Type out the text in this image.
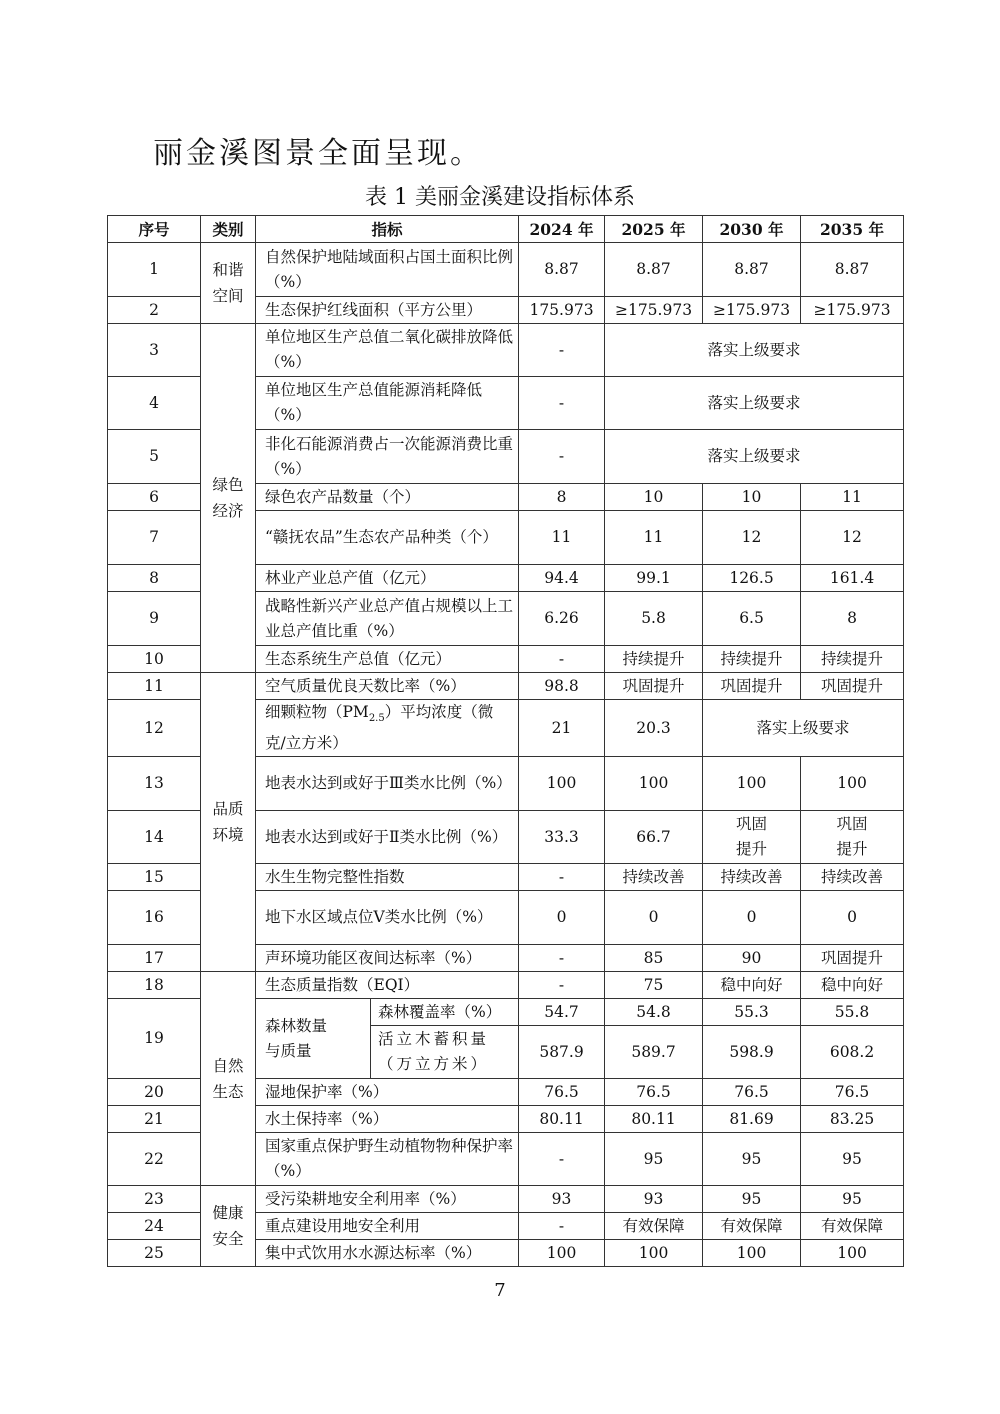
丽金溪图景全面呈现。

表 1 美丽金溪建设指标体系

序号	类别	指标		2024 年	2025 年	2030 年	2035 年
1	和谐空间	自然保护地陆域面积占国土面积比例（%）		8.87	8.87	8.87	8.87
2		生态保护红线面积（平方公里）		175.973	≥175.973	≥175.973	≥175.973
3	绿色经济	单位地区生产总值二氧化碳排放降低（%）		-	落实上级要求		
4		单位地区生产总值能源消耗降低（%）		-	落实上级要求		
5		非化石能源消费占一次能源消费比重（%）		-	落实上级要求		
6		绿色农产品数量（个）		8	10	10	11
7		“赣抚农品”生态农产品种类（个）		11	11	12	12
8		林业产业总产值（亿元）		94.4	99.1	126.5	161.4
9		战略性新兴产业总产值占规模以上工业总产值比重（%）		6.26	5.8	6.5	8
10		生态系统生产总值（亿元）		-	持续提升	持续提升	持续提升
11	品质环境	空气质量优良天数比率（%）		98.8	巩固提升	巩固提升	巩固提升
12		细颗粒物$(PM_{2.5})$平均浓度（微克/立方米）		21	20.3	落实上级要求	
13		地表水达到或好于Ⅲ类水比例（%）		100	100	100	100
14		地表水达到或好于Ⅱ类水比例（%）		33.3	66.7	巩固提升	巩固提升
15		水生生物完整性指数		-	持续改善	持续改善	持续改善
16		地下水区域点位Ⅴ类水比例（%）		0	0	0	0
17		声环境功能区夜间达标率（%）		-	85	90	巩固提升
18	自然生态	生态质量指数（EQI）		-	75	稳中向好	稳中向好
19		森林数量与质量	森林覆盖率（%）	54.7	54.8	55.3	55.8
			活立木蓄积量（万立方米）	587.9	589.7	598.9	608.2
20		湿地保护率（%）		76.5	76.5	76.5	76.5
21		水土保持率（%）		80.11	80.11	81.69	83.25
22		国家重点保护野生动植物物种保护率（%）		-	95	95	95
23	健康安全	受污染耕地安全利用率（%）		93	93	95	95
24		重点建设用地安全利用		-	有效保障	有效保障	有效保障
25		集中式饮用水水源达标率（%）		100	100	100	100
7
